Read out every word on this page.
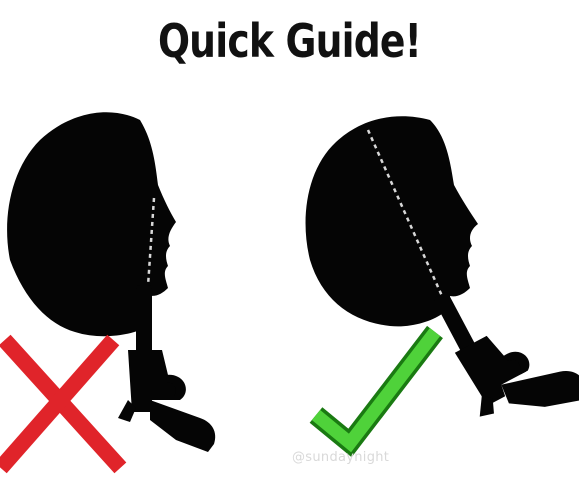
Quick Guide!
@sundaynight
